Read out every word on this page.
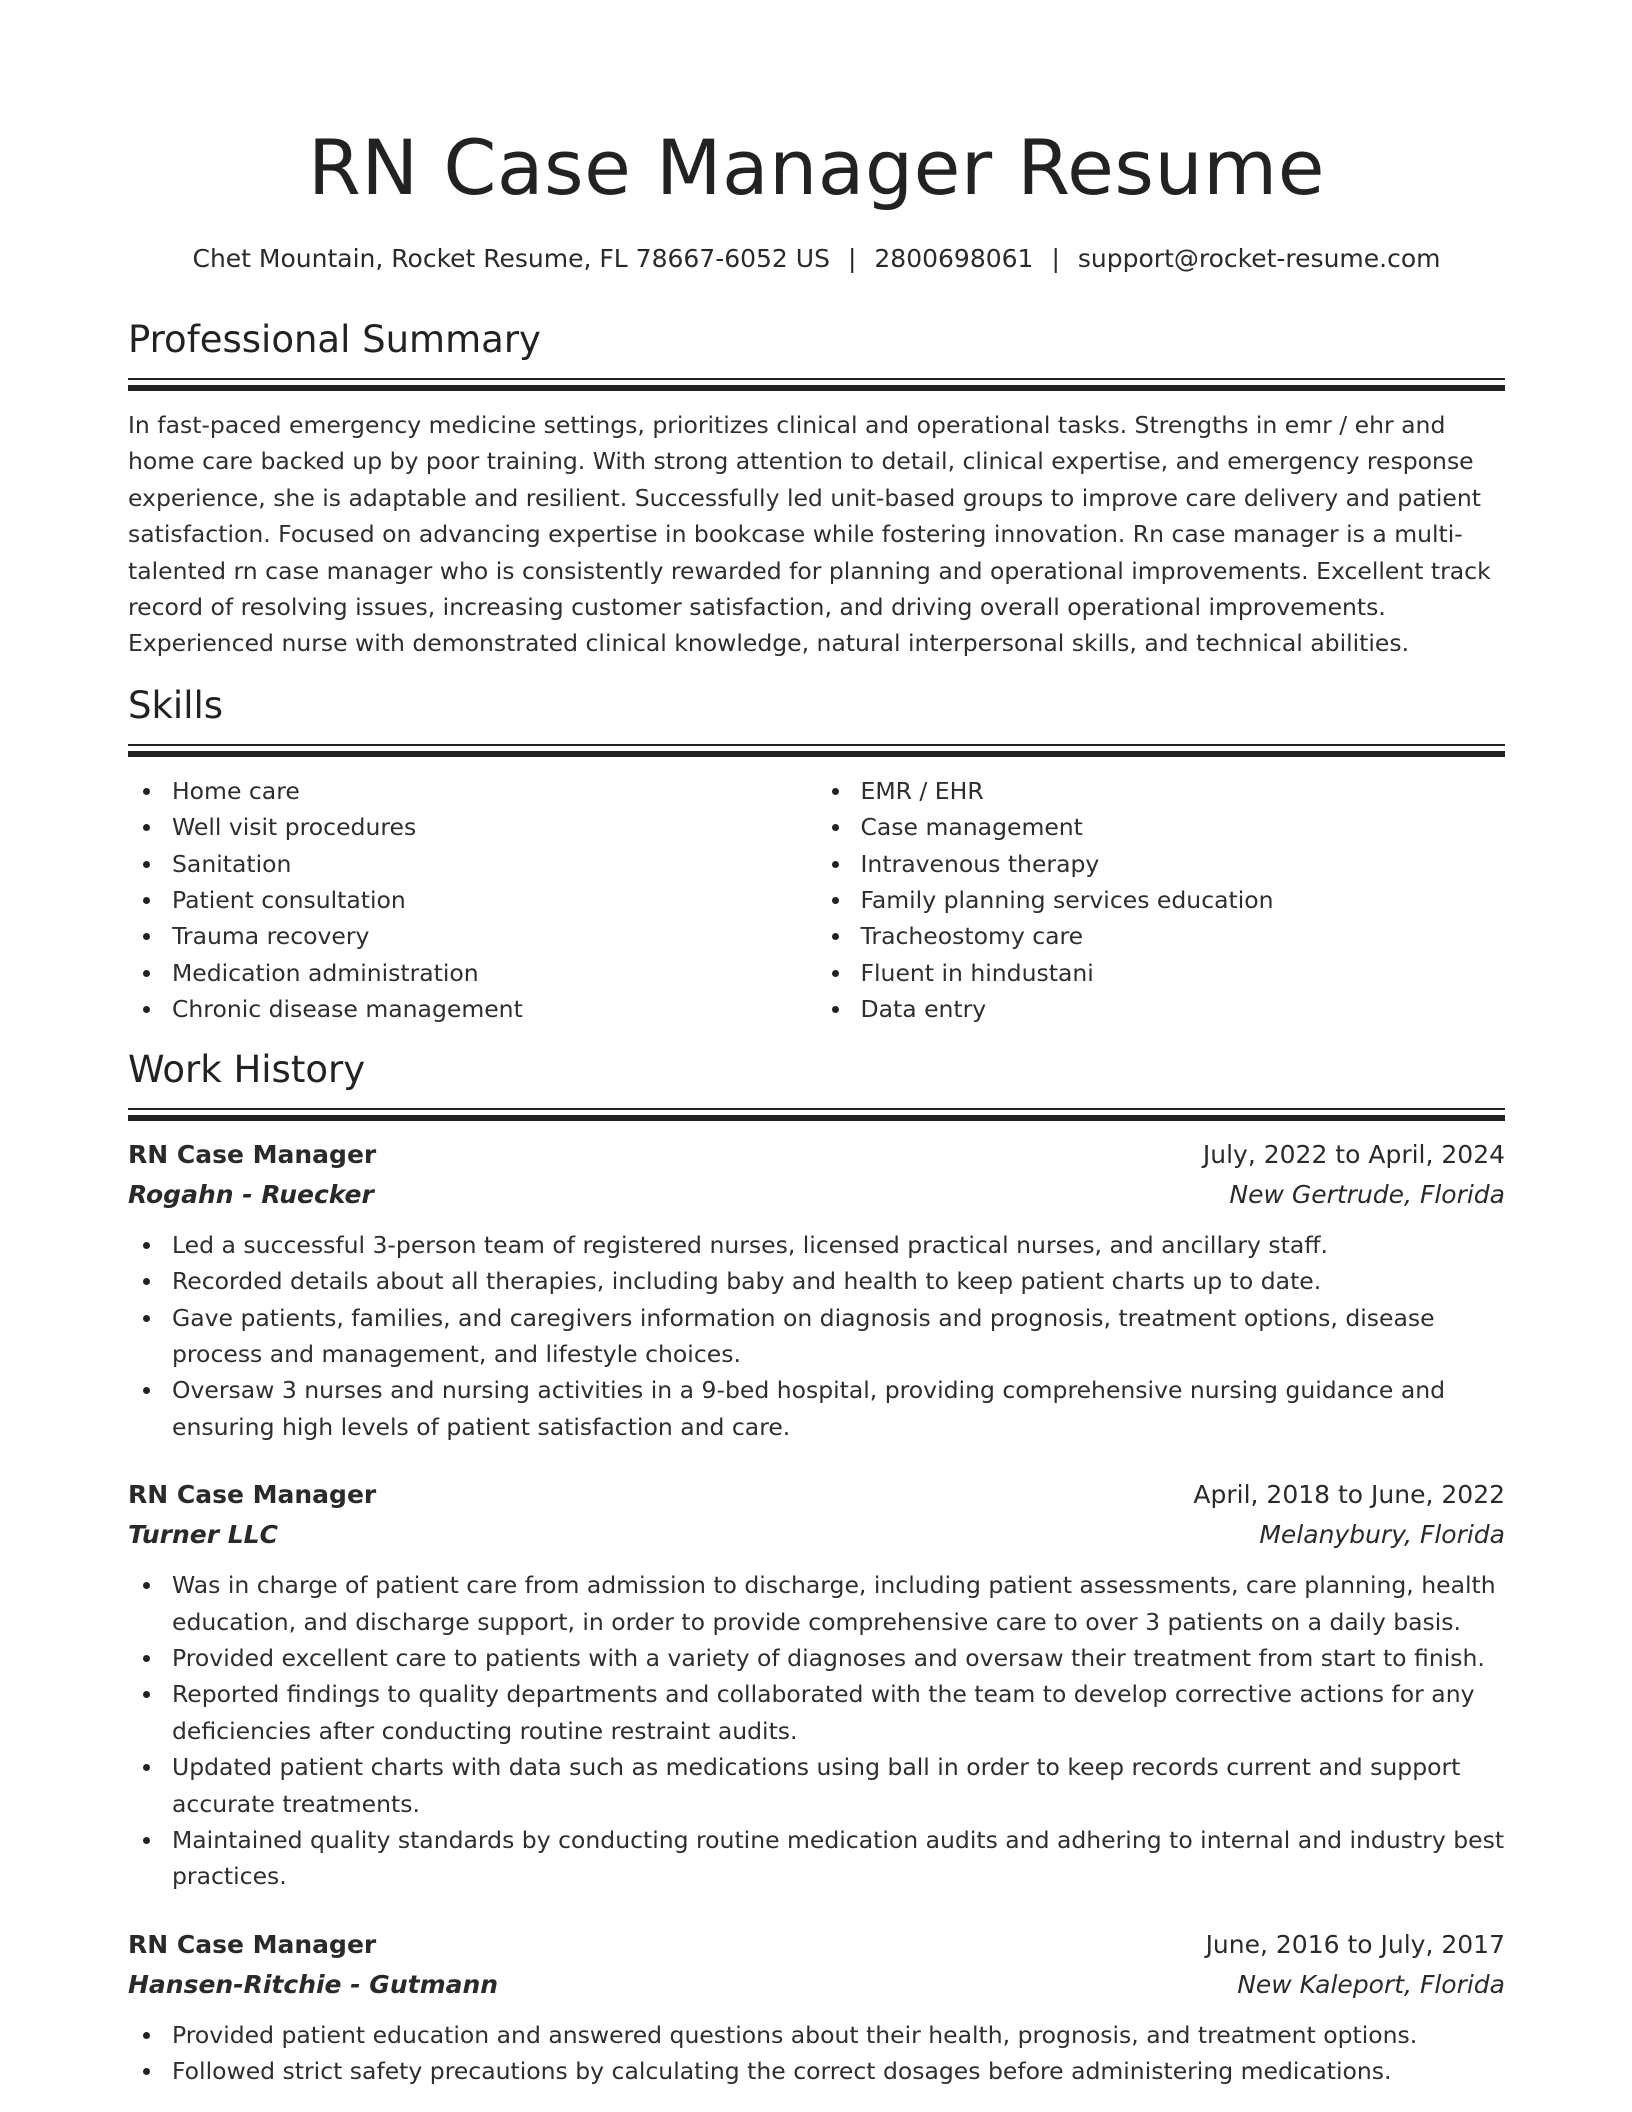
RN Case Manager Resume
Chet Mountain, Rocket Resume, FL 78667-6052 US | 2800698061 | support@rocket-resume.com
Professional Summary

In fast-paced emergency medicine settings, prioritizes clinical and operational tasks. Strengths in emr / ehr and home care backed up by poor training. With strong attention to detail, clinical expertise, and emergency response experience, she is adaptable and resilient. Successfully led unit-based groups to improve care delivery and patient satisfaction. Focused on advancing expertise in bookcase while fostering innovation. Rn case manager is a multi-talented rn case manager who is consistently rewarded for planning and operational improvements. Excellent track record of resolving issues, increasing customer satisfaction, and driving overall operational improvements. Experienced nurse with demonstrated clinical knowledge, natural interpersonal skills, and technical abilities.

Skills
Home care
Well visit procedures
Sanitation
Patient consultation
Trauma recovery
Medication administration
Chronic disease management
EMR / EHR
Case management
Intravenous therapy
Family planning services education
Tracheostomy care
Fluent in hindustani
Data entry
Work History
RN Case Manager	July, 2022 to April, 2024
Rogahn - Ruecker	New Gertrude, Florida
Led a successful 3-person team of registered nurses, licensed practical nurses, and ancillary staff.
Recorded details about all therapies, including baby and health to keep patient charts up to date.
Gave patients, families, and caregivers information on diagnosis and prognosis, treatment options, disease process and management, and lifestyle choices.
Oversaw 3 nurses and nursing activities in a 9-bed hospital, providing comprehensive nursing guidance and ensuring high levels of patient satisfaction and care.
RN Case Manager	April, 2018 to June, 2022
Turner LLC	Melanybury, Florida
Was in charge of patient care from admission to discharge, including patient assessments, care planning, health education, and discharge support, in order to provide comprehensive care to over 3 patients on a daily basis.
Provided excellent care to patients with a variety of diagnoses and oversaw their treatment from start to finish.
Reported findings to quality departments and collaborated with the team to develop corrective actions for any deficiencies after conducting routine restraint audits.
Updated patient charts with data such as medications using ball in order to keep records current and support accurate treatments.
Maintained quality standards by conducting routine medication audits and adhering to internal and industry best practices.
RN Case Manager	June, 2016 to July, 2017
Hansen-Ritchie - Gutmann	New Kaleport, Florida
Provided patient education and answered questions about their health, prognosis, and treatment options.
Followed strict safety precautions by calculating the correct dosages before administering medications.
